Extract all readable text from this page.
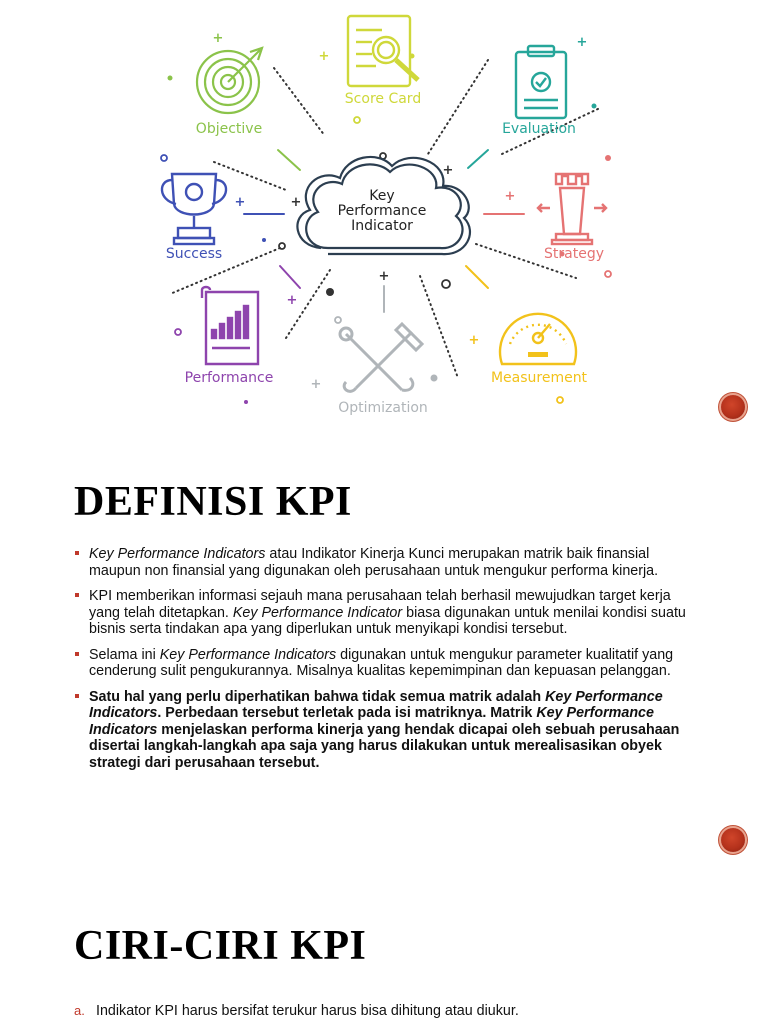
+
+
+
+	+
+
+
+
+
+
+
Key
Performance
Indicator
Score Card
Objective	Evaluation
Success	Strategy
Performance	Measurement
Optimization
DEFINISI KPI
Key Performance Indicators atau Indikator Kinerja Kunci merupakan matrik baik finansial maupun non finansial yang digunakan oleh perusahaan untuk mengukur performa kinerja.
KPI memberikan informasi sejauh mana perusahaan telah berhasil mewujudkan target kerja yang telah ditetapkan. Key Performance Indicator biasa digunakan untuk menilai kondisi suatu bisnis serta tindakan apa yang diperlukan untuk menyikapi kondisi tersebut.
Selama ini Key Performance Indicators digunakan untuk mengukur parameter kualitatif yang cenderung sulit pengukurannya. Misalnya kualitas kepemimpinan dan kepuasan pelanggan.
Satu hal yang perlu diperhatikan bahwa tidak semua matrik adalah Key Performance Indicators. Perbedaan tersebut terletak pada isi matriknya. Matrik Key Performance Indicators menjelaskan performa kinerja yang hendak dicapai oleh sebuah perusahaan disertai langkah-langkah apa saja yang harus dilakukan untuk merealisasikan obyek strategi dari perusahaan tersebut.
CIRI-CIRI KPI
a. Indikator KPI harus bersifat terukur harus bisa dihitung atau diukur.
